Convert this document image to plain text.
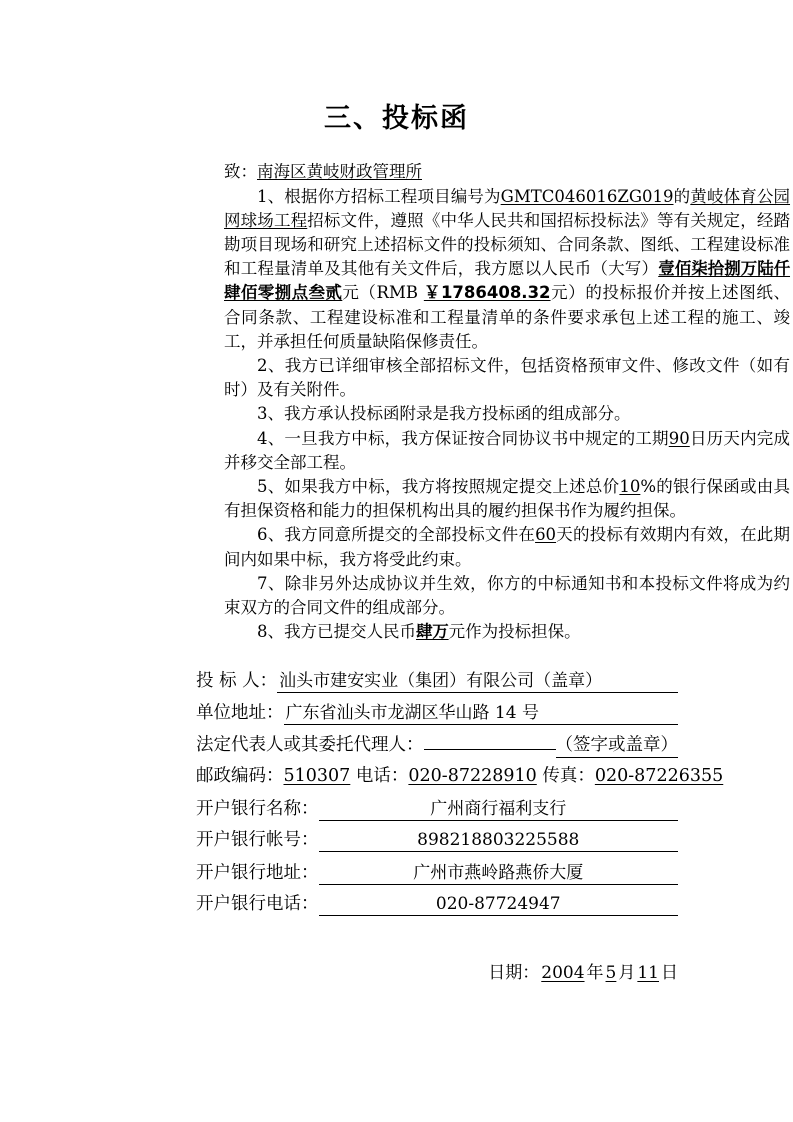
三、投标函
致：南海区黄岐财政管理所

1、根据你方招标工程项目编号为GMTC046016ZG019的黄岐体育公园网球场工程招标文件，遵照《中华人民共和国招标投标法》等有关规定，经踏勘项目现场和研究上述招标文件的投标须知、合同条款、图纸、工程建设标准和工程量清单及其他有关文件后，我方愿以人民币（大写）壹佰柒拾捌万陆仟肆佰零捌点叁贰元（RMB ￥1786408.32元）的投标报价并按上述图纸、合同条款、工程建设标准和工程量清单的条件要求承包上述工程的施工、竣工，并承担任何质量缺陷保修责任。

2、我方已详细审核全部招标文件，包括资格预审文件、修改文件（如有时）及有关附件。

3、我方承认投标函附录是我方投标函的组成部分。

4、一旦我方中标，我方保证按合同协议书中规定的工期90日历天内完成并移交全部工程。

5、如果我方中标，我方将按照规定提交上述总价10%的银行保函或由具有担保资格和能力的担保机构出具的履约担保书作为履约担保。

6、我方同意所提交的全部投标文件在60天的投标有效期内有效，在此期间内如果中标，我方将受此约束。

7、除非另外达成协议并生效，你方的中标通知书和本投标文件将成为约束双方的合同文件的组成部分。

8、我方已提交人民币肆万元作为投标担保。

投 标 人： 汕头市建安实业（集团）有限公司（盖章）
单位地址： 广东省汕头市龙湖区华山路 14 号
法定代表人或其委托代理人：	（签字或盖章）
邮政编码：510307 电话：020-87228910 传真：020-87226355
开户银行名称：	广州商行福利支行
开户银行帐号：	898218803225588
开户银行地址：	广州市燕岭路燕侨大厦
开户银行电话：	020-87724947
日期： 2004 年 5 月 11 日
